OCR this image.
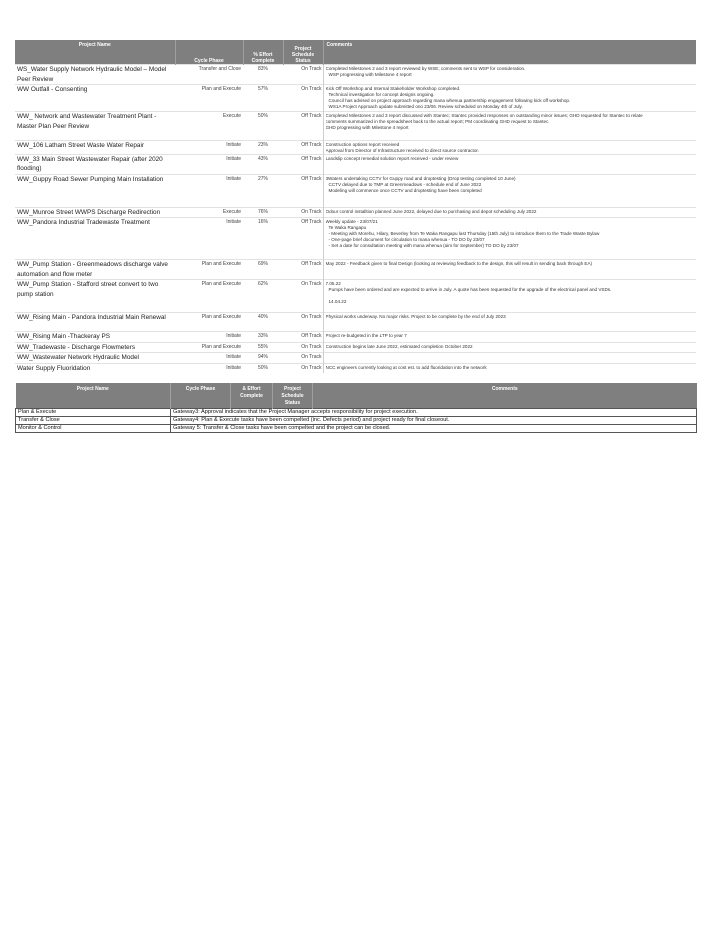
Project Name	Cycle Phase	% Effort Complete	Project Schedule Status	Comments
WS_Water Supply Network Hydraulic Model – Model Peer Review	Transfer and Close	83%	On Track	Completed Milestones 2 and 3 report reviewed by WSE; comments sent to WSP for consideration.
WSP progressing with Milestone 4 report

WW Outfall - Consenting	Plan and Execute	57%	On Track	Kick Off Workshop and Internal Stakeholder Workshop completed.
Technical investigation for concept designs ongoing.
Council has advised on project approach regarding mana whenua partnership engagement following kick off workshop.
WS1A Project Approach update submitted ono 23/06. Review scheduled on Monday 4th of July.

WW_ Network and Wastewater Treatment Plant - Master Plan Peer Review	Execute	50%	Off Track	Completed Milestones 2 and 3 report discussed with Stantec; Stantec provided responses on outstanding minor issues; GHD requested for Stantec to relate
comments summarized in the spreadsheet back to the actual report; PM coordinating GHD request to Stantec
GHD progressing with Milestone 4 report

WW_106 Latham Street Waste Water Repair	Initiate	23%	Off Track	Construction options report received
Approval from Director of Infrastructure received to direct source contractor.

WW_33 Main Street Wastewater Repair (after 2020 flooding)	Initiate	43%	Off Track	Landslip concept remedial solution report received - under review

WW_Guppy Road Sewer Pumping Main Installation	Initiate	27%	Off Track	3Waters undertaking CCTV for Guppy road and droptesting (Drop testing completed 10 June)
CCTV delayed due to TMP at Greenmeadows - schedule end of June 2022
Modeling will commence once CCTV and droptesting have been completed

WW_Munroe Street WWPS Discharge Redirection	Execute	76%	On Track	Odour control installtion planned June 2022, delayed due to purchasing and depot scheduling July 2022

WW_Pandora Industrial Tradewaste Treatment	Initiate	16%	Off Track	Weekly update - 23/07/21
Te Waka Rangapu
- Meeting with Morehu, Hilary, Beverley from Te Waka Rangapu last Thursday (15th July) to introduce them to the Trade Waste Bylaw
- One-page brief document for circulation to mana whenua - TO DO by 23/07
- Set a date for consultation meeting with mana whenua (aim for September) TO DO by 23/07

WW_Pump Station - Greenmeadows discharge valve automation and flow meter	Plan and Execute	69%	Off Track	May 2022 - Feedback given to final Design (looking at reviewing feedback to the design, this will result in sending back through EA)

WW_Pump Station - Stafford street convert to two pump station	Plan and Execute	62%	On Track	7.05.22
Pumps have been ordered and are expected to arrive in July. A quote has been requested for the upgrade of the electrical panel and VSDs.
14.04.22

WW_Rising Main - Pandora Industrial Main Renewal	Plan and Execute	40%	On Track	Physical works underway. No major risks. Project to be complete by the end of July 2023

WW_Rising Main -Thackeray PS	Initiate	33%	Off Track	Project re-budgeted in the LTP to year 7

WW_Tradewaste - Discharge Flowmeters	Plan and Execute	55%	On Track	Construction begins late June 2022, estimated completion October 2022

WW_Wastewater Network Hydraulic Model	Initiate	94%	On Track	
Water Supply Fluoridation	Initiate	50%	On Track	NCC engineers currently looking at cost est. to add fluoridation into the network
Project Name	Cycle Phase	& Effort Complete	Project Schedule Status	Comments
Plan & Execute	Gateway3: Approval indicates that the Project Manager accepts responsibility for project execution.			
Transfer & Close	Gateway4: Plan & Execute tasks have been compelted (inc. Defects period) and project ready for final closeout.			
Monitor & Control	Gateway 5: Transfer & Close tasks have been compelted and the project can be closed.			
